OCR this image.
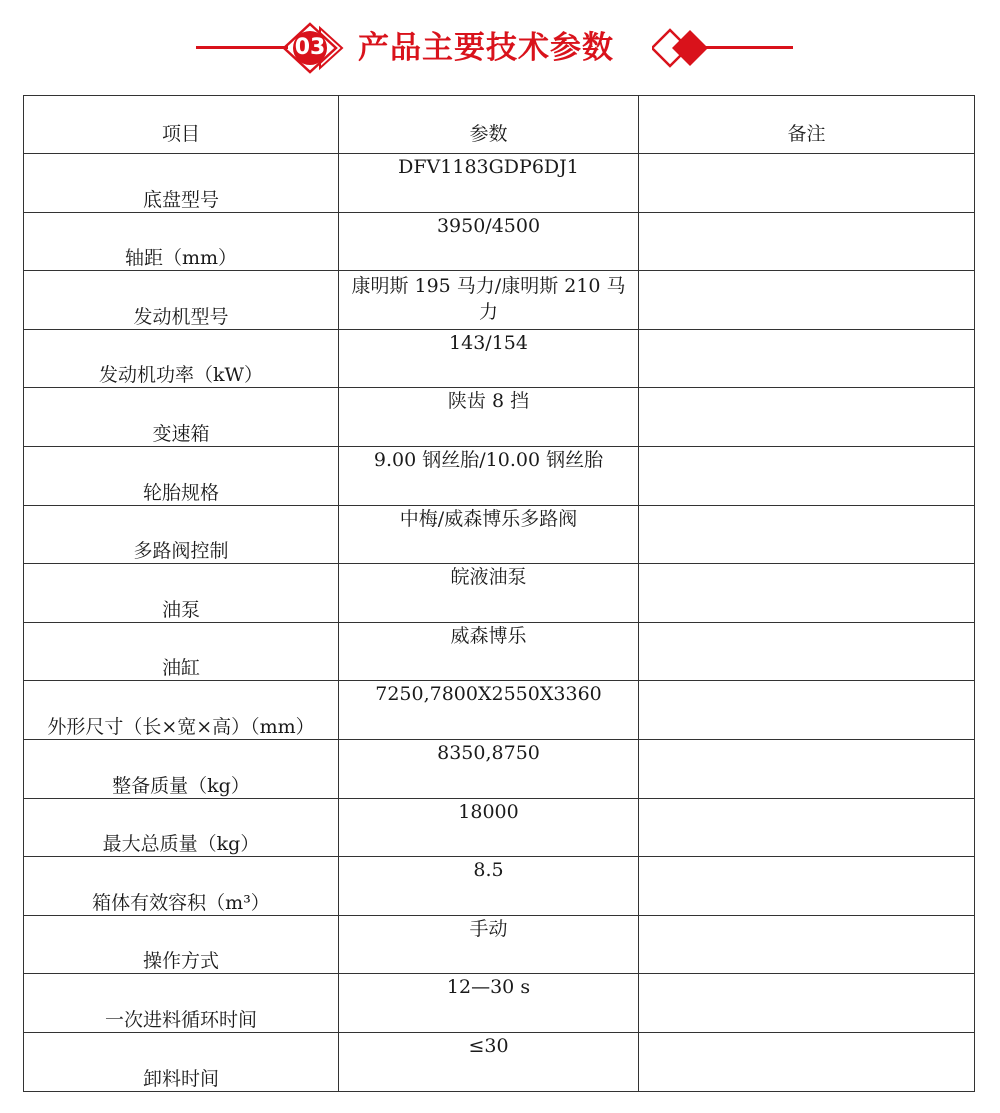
03	产品主要技术参数
项目	参数	备注
底盘型号	DFV1183GDP6DJ1	
轴距（mm）	3950/4500	
发动机型号	康明斯 195 马力/康明斯 210 马力	
发动机功率（kW）	143/154	
变速箱	陕齿 8 挡	
轮胎规格	9.00 钢丝胎/10.00 钢丝胎	
多路阀控制	中梅/威森博乐多路阀	
油泵	皖液油泵	
油缸	威森博乐	
外形尺寸（长×宽×高）（mm）	7250,7800X2550X3360	
整备质量（kg）	8350,8750	
最大总质量（kg）	18000	
箱体有效容积（m³）	8.5	
操作方式	手动	
一次进料循环时间	12—30 s	
卸料时间	≤30	
